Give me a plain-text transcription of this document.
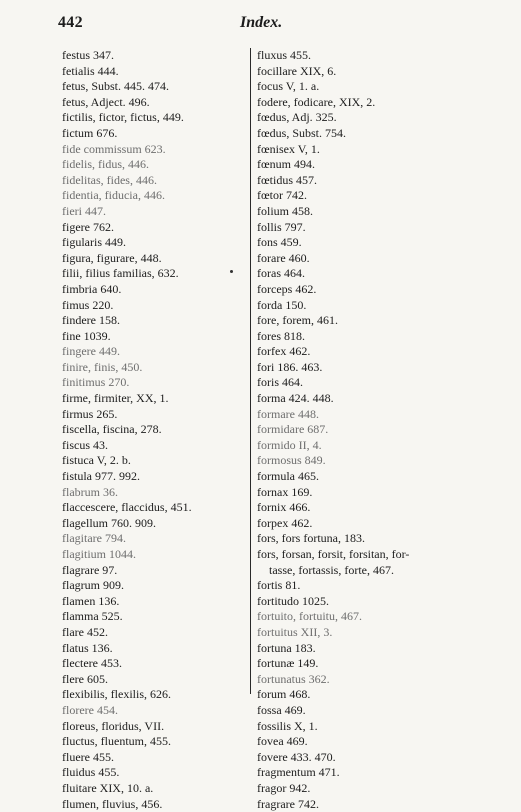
442	Index.
festus 347.
fetialis 444.
fetus, Subst. 445. 474.
fetus, Adject. 496.
fictilis, fictor, fictus, 449.
fictum 676.
fide commissum 623.
fidelis, fidus, 446.
fidelitas, fides, 446.
fidentia, fiducia, 446.
fieri 447.
figere 762.
figularis 449.
figura, figurare, 448.
filii, filius familias, 632.
fimbria 640.
fimus 220.
findere 158.
fine 1039.
fingere 449.
finire, finis, 450.
finitimus 270.
firme, firmiter, XX, 1.
firmus 265.
fiscella, fiscina, 278.
fiscus 43.
fistuca V, 2. b.
fistula 977. 992.
flabrum 36.
flaccescere, flaccidus, 451.
flagellum 760. 909.
flagitare 794.
flagitium 1044.
flagrare 97.
flagrum 909.
flamen 136.
flamma 525.
flare 452.
flatus 136.
flectere 453.
flere 605.
flexibilis, flexilis, 626.
florere 454.
floreus, floridus, VII.
fluctus, fluentum, 455.
fluere 455.
fluidus 455.
fluitare XIX, 10. a.
flumen, fluvius, 456.
fluxus 455.
focillare XIX, 6.
focus V, 1. a.
fodere, fodicare, XIX, 2.
fœdus, Adj. 325.
fœdus, Subst. 754.
fœnisex V, 1.
fœnum 494.
fœtidus 457.
fœtor 742.
folium 458.
follis 797.
fons 459.
forare 460.
foras 464.
forceps 462.
forda 150.
fore, forem, 461.
fores 818.
forfex 462.
fori 186. 463.
foris 464.
forma 424. 448.
formare 448.
formidare 687.
formido II, 4.
formosus 849.
formula 465.
fornax 169.
fornix 466.
forpex 462.
fors, fors fortuna, 183.
fors, forsan, forsit, forsitan, for-
tasse, fortassis, forte, 467.
fortis 81.
fortitudo 1025.
fortuito, fortuitu, 467.
fortuitus XII, 3.
fortuna 183.
fortunæ 149.
fortunatus 362.
forum 468.
fossa 469.
fossilis X, 1.
fovea 469.
fovere 433. 470.
fragmentum 471.
fragor 942.
fragrare 742.
